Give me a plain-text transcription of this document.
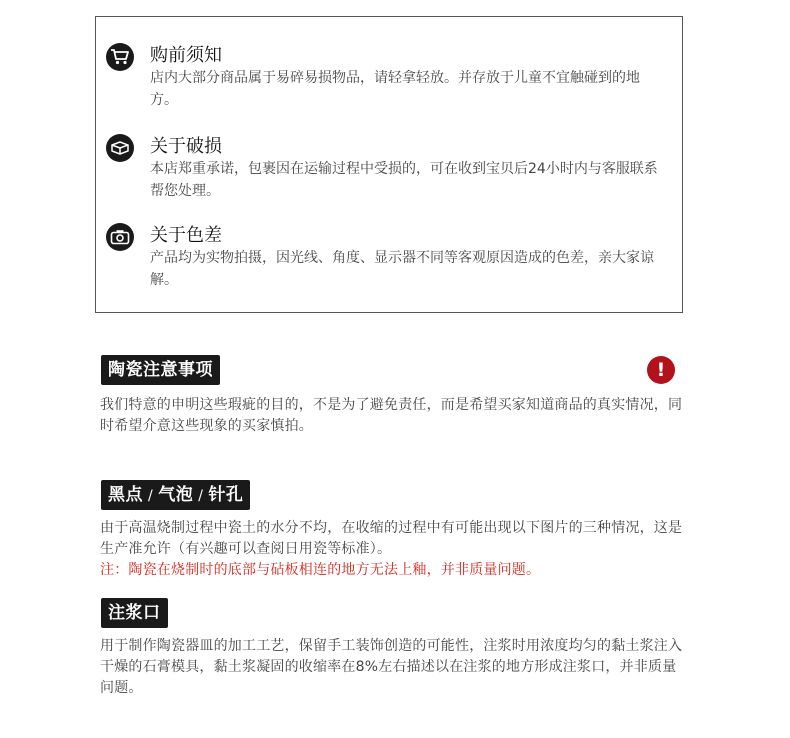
购前须知
店内大部分商品属于易碎易损物品，请轻拿轻放。并存放于儿童不宜触碰到的地方。
关于破损
本店郑重承诺，包裹因在运输过程中受损的，可在收到宝贝后24小时内与客服联系帮您处理。
关于色差
产品均为实物拍摄，因光线、角度、显示器不同等客观原因造成的色差，亲大家谅解。
陶瓷注意事项	!
我们特意的申明这些瑕疵的目的，不是为了避免责任，而是希望买家知道商品的真实情况，同时希望介意这些现象的买家慎拍。
黑点 / 气泡 / 针孔
由于高温烧制过程中瓷土的水分不均，在收缩的过程中有可能出现以下图片的三种情况，这是生产准允许（有兴趣可以查阅日用瓷等标准）。
注：陶瓷在烧制时的底部与砧板相连的地方无法上釉，并非质量问题。
注浆口
用于制作陶瓷器皿的加工工艺，保留手工装饰创造的可能性，注浆时用浓度均匀的黏土浆注入干燥的石膏模具，黏土浆凝固的收缩率在8%左右描述以在注浆的地方形成注浆口，并非质量问题。
